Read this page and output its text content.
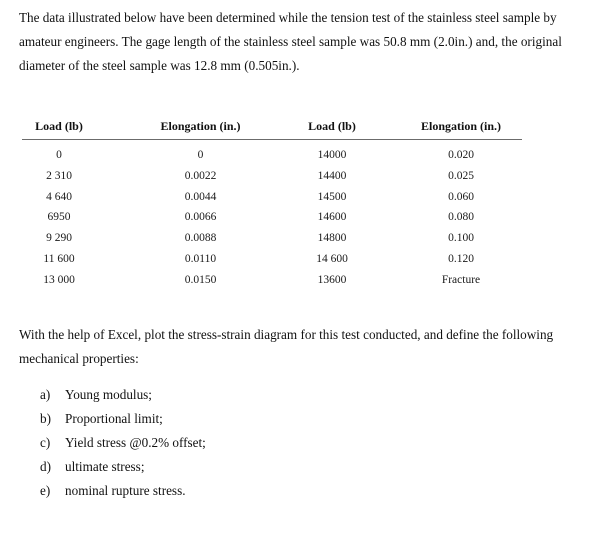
The data illustrated below have been determined while the tension test of the stainless steel sample by amateur engineers. The gage length of the stainless steel sample was 50.8 mm (2.0in.) and, the original diameter of the steel sample was 12.8 mm (0.505in.).

Load (lb)	Elongation (in.)	Load (lb)	Elongation (in.)
0	0	14000	0.020
2 310	0.0022	14400	0.025
4 640	0.0044	14500	0.060
6950	0.0066	14600	0.080
9 290	0.0088	14800	0.100
11 600	0.0110	14 600	0.120
13 000	0.0150	13600	Fracture

With the help of Excel, plot the stress-strain diagram for this test conducted, and define the following mechanical properties:

a) Young modulus;
b) Proportional limit;
c) Yield stress @0.2% offset;
d) ultimate stress;
e) nominal rupture stress.
